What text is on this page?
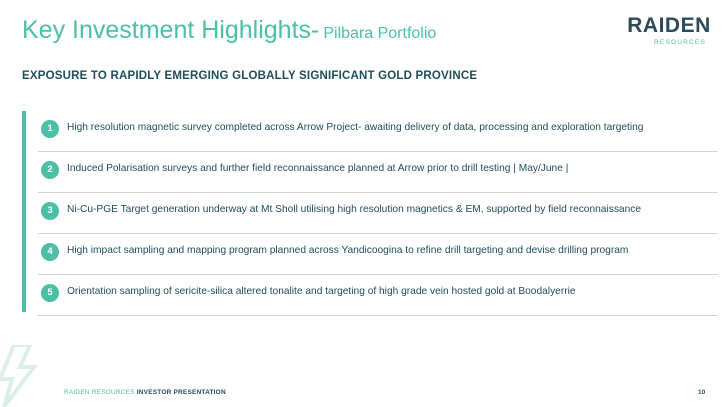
Key Investment Highlights- Pilbara Portfolio	RAIDEN
RESOURCES
EXPOSURE TO RAPIDLY EMERGING GLOBALLY SIGNIFICANT GOLD PROVINCE
1	High resolution magnetic survey completed across Arrow Project- awaiting delivery of data, processing and exploration targeting
2	Induced Polarisation surveys and further field reconnaissance planned at Arrow prior to drill testing | May/June |
3	Ni-Cu-PGE Target generation underway at Mt Sholl utilising high resolution magnetics & EM, supported by field reconnaissance
4	High impact sampling and mapping program planned across Yandicoogina to refine drill targeting and devise drilling program
5	Orientation sampling of sericite-silica altered tonalite and targeting of high grade vein hosted gold at Boodalyerrie
RAIDEN RESOURCES INVESTOR PRESENTATION	10
